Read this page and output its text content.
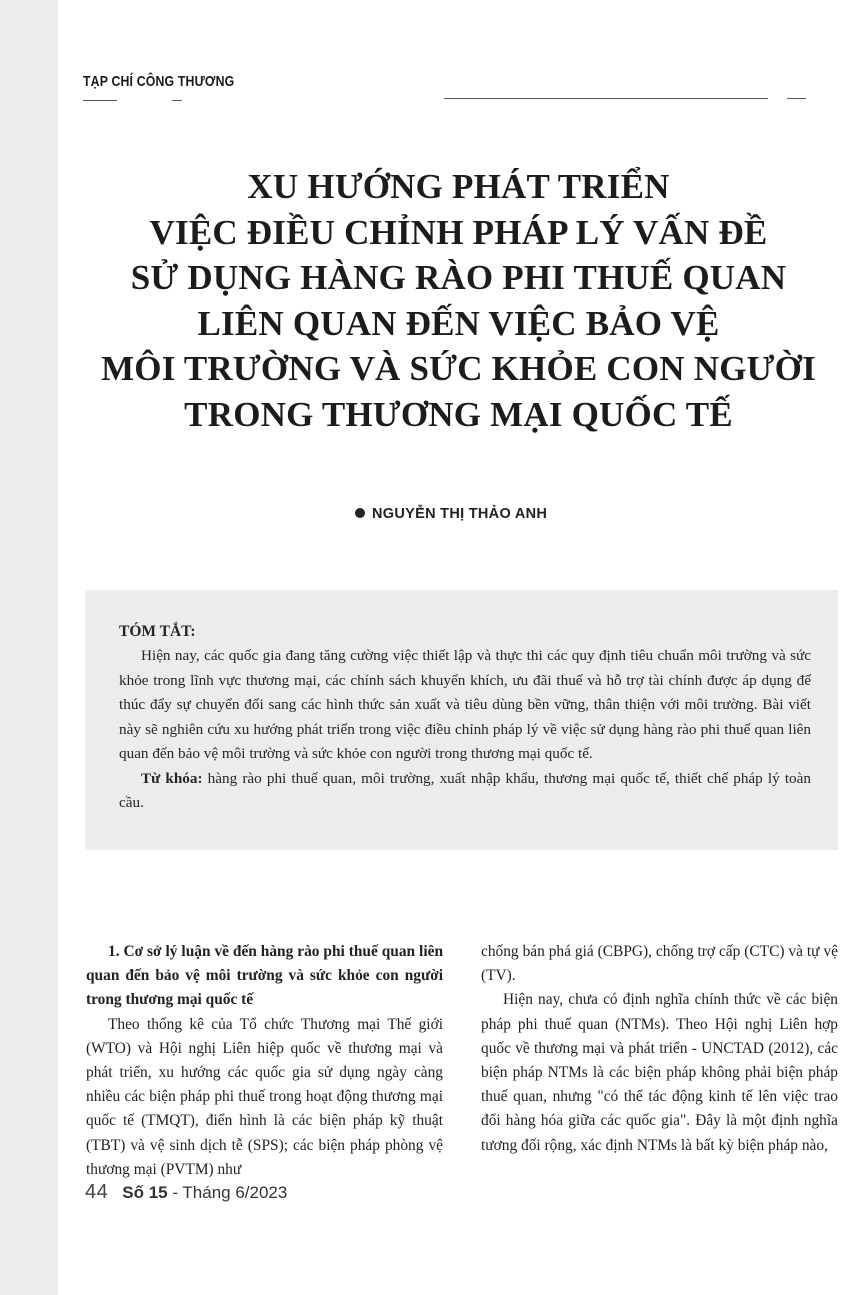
TẠP CHÍ CÔNG THƯƠNG
XU HƯỚNG PHÁT TRIỂN
VIỆC ĐIỀU CHỈNH PHÁP LÝ VẤN ĐỀ
SỬ DỤNG HÀNG RÀO PHI THUẾ QUAN
LIÊN QUAN ĐẾN VIỆC BẢO VỆ
MÔI TRƯỜNG VÀ SỨC KHỎE CON NGƯỜI
TRONG THƯƠNG MẠI QUỐC TẾ
NGUYỄN THỊ THẢO ANH
TÓM TẮT:

Hiện nay, các quốc gia đang tăng cường việc thiết lập và thực thi các quy định tiêu chuẩn môi trường và sức khỏe trong lĩnh vực thương mại, các chính sách khuyến khích, ưu đãi thuế và hỗ trợ tài chính được áp dụng để thúc đẩy sự chuyển đổi sang các hình thức sản xuất và tiêu dùng bền vững, thân thiện với môi trường. Bài viết này sẽ nghiên cứu xu hướng phát triển trong việc điều chỉnh pháp lý về việc sử dụng hàng rào phi thuế quan liên quan đến bảo vệ môi trường và sức khỏe con người trong thương mại quốc tế.

Từ khóa: hàng rào phi thuế quan, môi trường, xuất nhập khẩu, thương mại quốc tế, thiết chế pháp lý toàn cầu.

1. Cơ sở lý luận về đến hàng rào phi thuế quan liên quan đến bảo vệ môi trường và sức khỏe con người trong thương mại quốc tế

Theo thống kê của Tổ chức Thương mại Thế giới (WTO) và Hội nghị Liên hiệp quốc về thương mại và phát triển, xu hướng các quốc gia sử dụng ngày càng nhiều các biện pháp phi thuế trong hoạt động thương mại quốc tế (TMQT), điển hình là các biện pháp kỹ thuật (TBT) và vệ sinh dịch tễ (SPS); các biện pháp phòng vệ thương mại (PVTM) như

chống bán phá giá (CBPG), chống trợ cấp (CTC) và tự vệ (TV).

Hiện nay, chưa có định nghĩa chính thức về các biện pháp phi thuế quan (NTMs). Theo Hội nghị Liên hợp quốc về thương mại và phát triển - UNCTAD (2012), các biện pháp NTMs là các biện pháp không phải biện pháp thuế quan, nhưng "có thể tác động kinh tế lên việc trao đổi hàng hóa giữa các quốc gia". Đây là một định nghĩa tương đối rộng, xác định NTMs là bất kỳ biện pháp nào,

44 Số 15 - Tháng 6/2023
